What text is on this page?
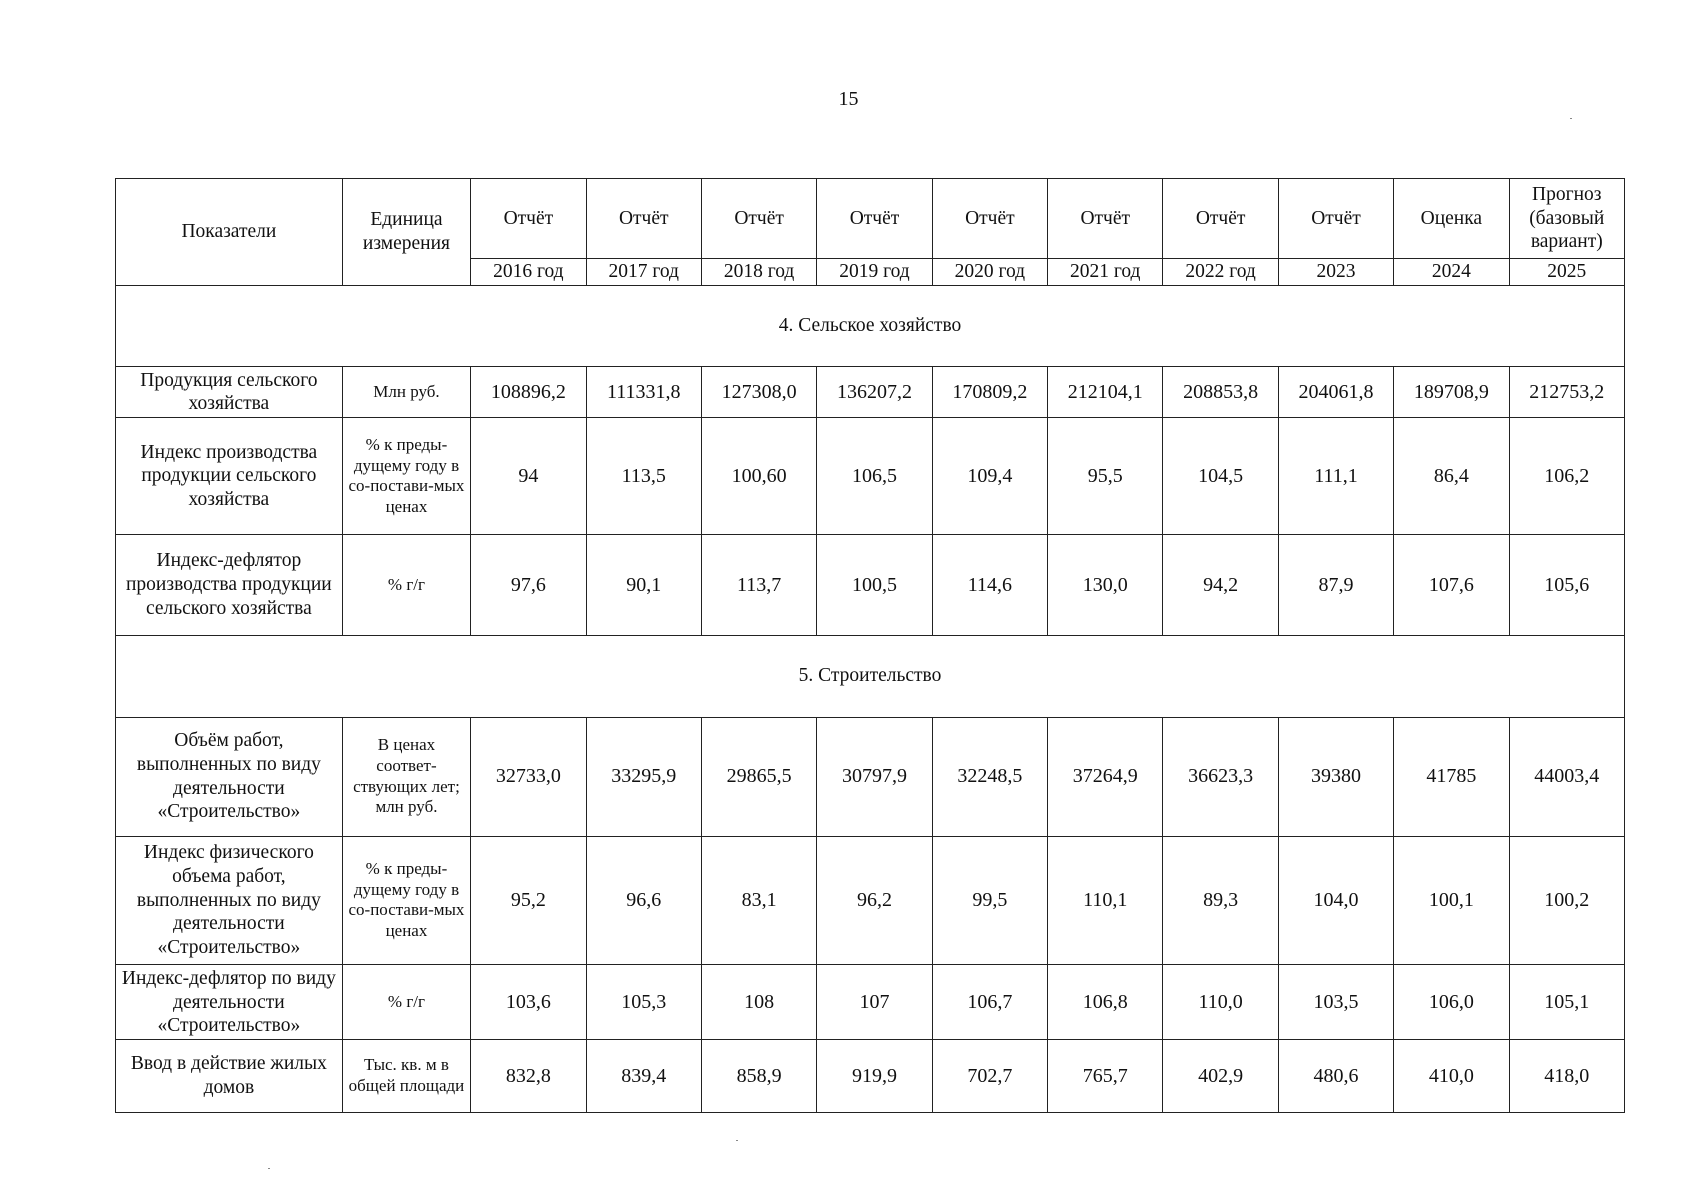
15
Показатели	Единица измерения	Отчёт	Отчёт	Отчёт	Отчёт	Отчёт	Отчёт	Отчёт	Отчёт	Оценка	Прогноз (базовый вариант)
		2016 год	2017 год	2018 год	2019 год	2020 год	2021 год	2022 год	2023	2024	2025
4. Сельское хозяйство											
Продукция сельского хозяйства	Млн руб.	108896,2	111331,8	127308,0	136207,2	170809,2	212104,1	208853,8	204061,8	189708,9	212753,2
Индекс производства продукции сельского хозяйства	% к преды-дущему году в со-постави-мых ценах	94	113,5	100,60	106,5	109,4	95,5	104,5	111,1	86,4	106,2
Индекс-дефлятор производства продукции сельского хозяйства	% г/г	97,6	90,1	113,7	100,5	114,6	130,0	94,2	87,9	107,6	105,6
5. Строительство											
Объём работ, выполненных по виду деятельности «Строительство»	В ценах соответ-ствующих лет; млн руб.	32733,0	33295,9	29865,5	30797,9	32248,5	37264,9	36623,3	39380	41785	44003,4
Индекс физического объема работ, выполненных по виду деятельности «Строительство»	% к преды-дущему году в со-постави-мых ценах	95,2	96,6	83,1	96,2	99,5	110,1	89,3	104,0	100,1	100,2
Индекс-дефлятор по виду деятельности «Строительство»	% г/г	103,6	105,3	108	107	106,7	106,8	110,0	103,5	106,0	105,1
Ввод в действие жилых домов	Тыс. кв. м в общей площади	832,8	839,4	858,9	919,9	702,7	765,7	402,9	480,6	410,0	418,0
